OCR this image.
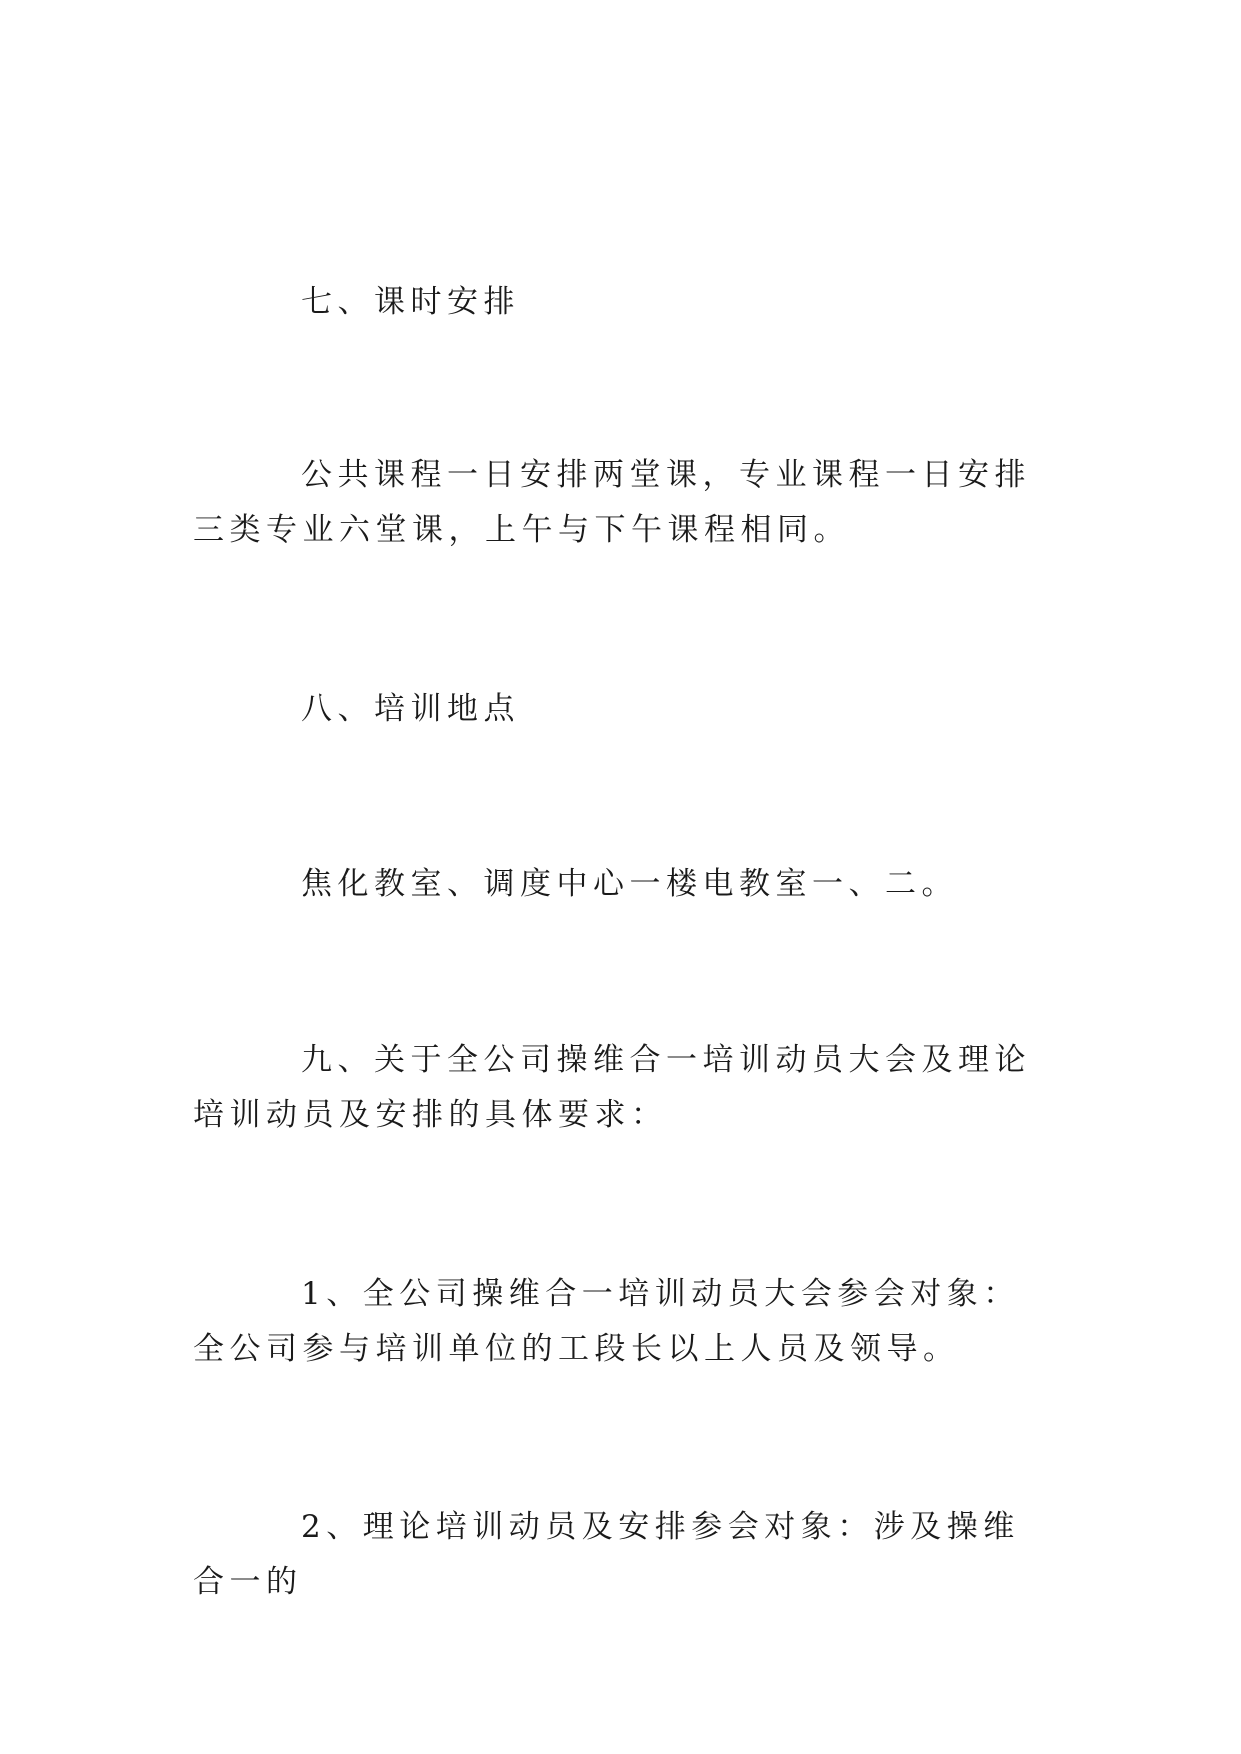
七、课时安排

公共课程一日安排两堂课，专业课程一日安排三类专业六堂课，上午与下午课程相同。

八、培训地点

焦化教室、调度中心一楼电教室一、二。

九、关于全公司操维合一培训动员大会及理论培训动员及安排的具体要求：

1、全公司操维合一培训动员大会参会对象：全公司参与培训单位的工段长以上人员及领导。

2、理论培训动员及安排参会对象：涉及操维合一的
